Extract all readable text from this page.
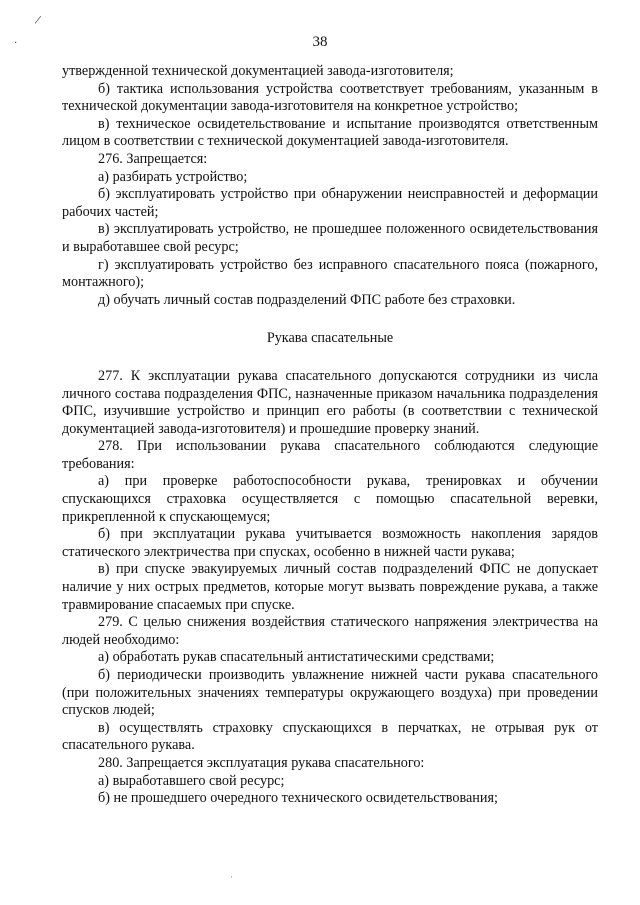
/
·
·
38

утвержденной технической документацией завода-изготовителя;

б) тактика использования устройства соответствует требованиям, указанным в технической документации завода-изготовителя на конкретное устройство;

в) техническое освидетельствование и испытание производятся ответственным лицом в соответствии с технической документацией завода-изготовителя.

276. Запрещается:

а) разбирать устройство;

б) эксплуатировать устройство при обнаружении неисправностей и деформации рабочих частей;

в) эксплуатировать устройство, не прошедшее положенного освидетельствования и выработавшее свой ресурс;

г) эксплуатировать устройство без исправного спасательного пояса (пожарного, монтажного);

д) обучать личный состав подразделений ФПС работе без страховки.

Рукава спасательные

277. К эксплуатации рукава спасательного допускаются сотрудники из числа личного состава подразделения ФПС, назначенные приказом начальника подразделения ФПС, изучившие устройство и принцип его работы (в соответствии с технической документацией завода-изготовителя) и прошедшие проверку знаний.

278. При использовании рукава спасательного соблюдаются следующие требования:

а) при проверке работоспособности рукава, тренировках и обучении спускающихся страховка осуществляется с помощью спасательной веревки, прикрепленной к спускающемуся;

б) при эксплуатации рукава учитывается возможность накопления зарядов статического электричества при спусках, особенно в нижней части рукава;

в) при спуске эвакуируемых личный состав подразделений ФПС не допускает наличие у них острых предметов, которые могут вызвать повреждение рукава, а также травмирование спасаемых при спуске.

279. С целью снижения воздействия статического напряжения электричества на людей необходимо:

а) обработать рукав спасательный антистатическими средствами;

б) периодически производить увлажнение нижней части рукава спасательного (при положительных значениях температуры окружающего воздуха) при проведении спусков людей;

в) осуществлять страховку спускающихся в перчатках, не отрывая рук от спасательного рукава.

280. Запрещается эксплуатация рукава спасательного:

а) выработавшего свой ресурс;

б) не прошедшего очередного технического освидетельствования;
